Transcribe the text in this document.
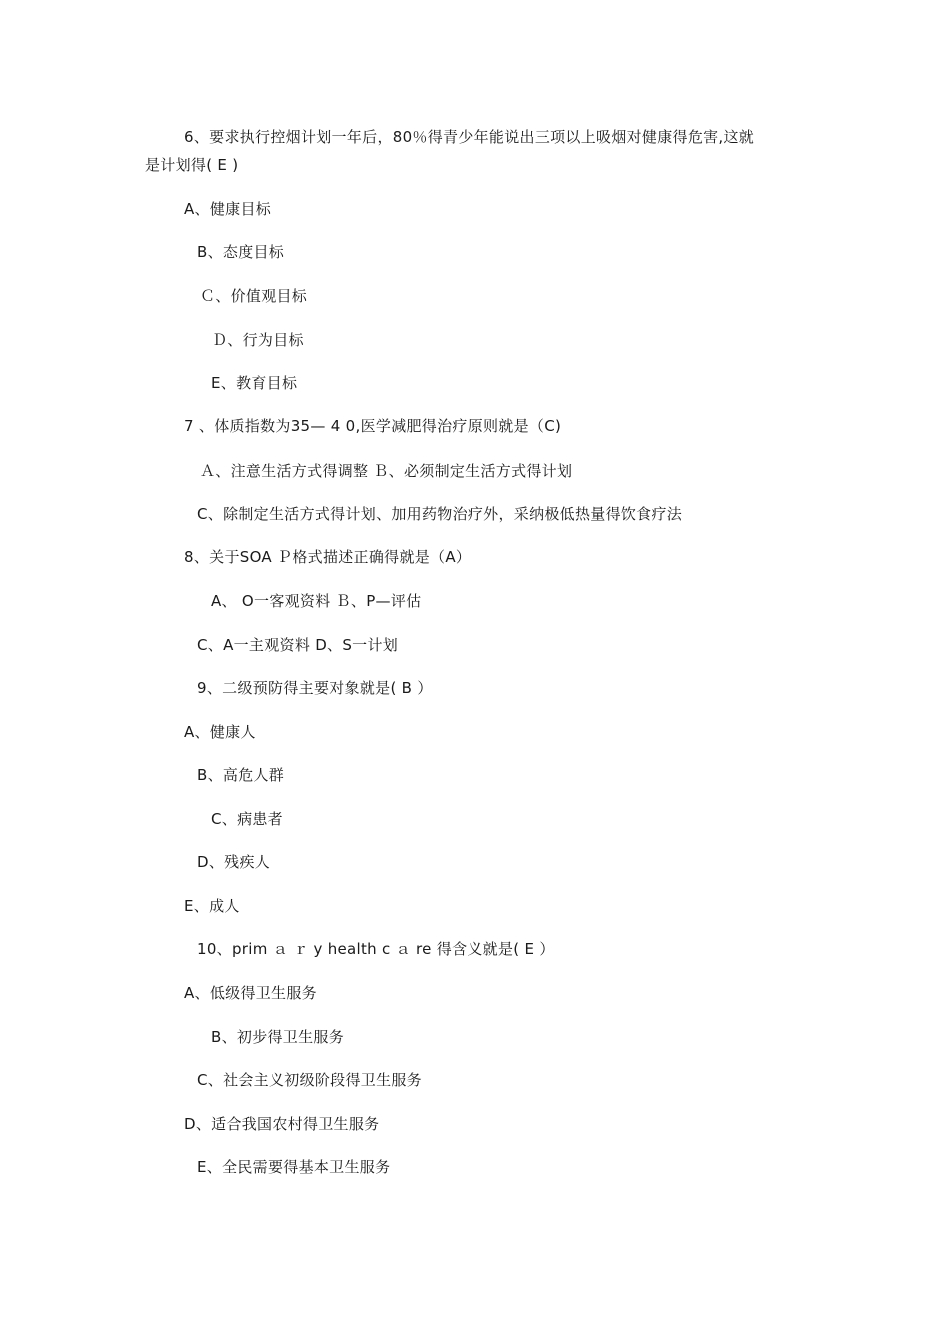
6、要求执行控烟计划一年后，80％得青少年能说出三项以上吸烟对健康得危害,这就
是计划得( E )
A、健康目标
B、态度目标
Ｃ、价值观目标
Ｄ、行为目标
E、教育目标
7 、体质指数为35— 4 0,医学减肥得治疗原则就是（C)
Ａ、注意生活方式得调整 Ｂ、必须制定生活方式得计划
C、除制定生活方式得计划、加用药物治疗外，采纳极低热量得饮食疗法
8、关于SOA Ｐ格式描述正确得就是（A）
A、 O一客观资料 Ｂ、P—评估
C、A一主观资料 D、S一计划
9、二级预防得主要对象就是( B ）
A、健康人
B、高危人群
C、病患者
D、残疾人
E、成人
10、prim ａ ｒ y health c ａ re 得含义就是( E ）
A、低级得卫生服务
B、初步得卫生服务
C、社会主义初级阶段得卫生服务
D、适合我国农村得卫生服务
E、全民需要得基本卫生服务
